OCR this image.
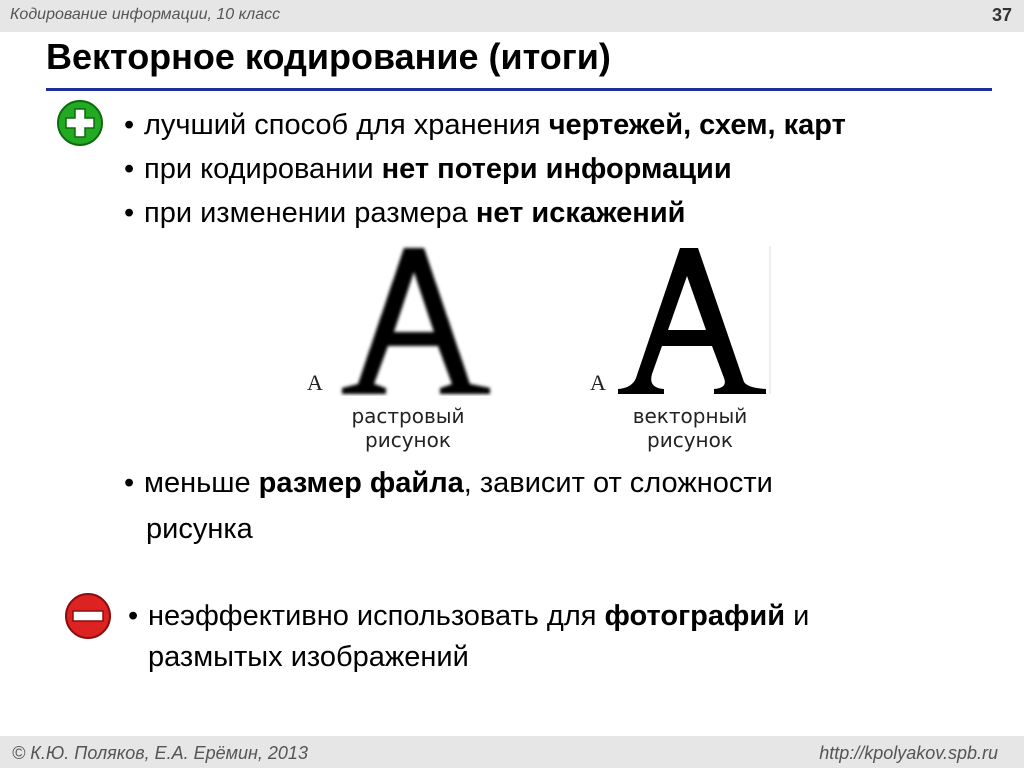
Кодирование информации, 10 класс	37
Векторное кодирование (итоги)
• лучший способ для хранения чертежей, схем, карт
• при кодировании нет потери информации
• при изменении размера нет искажений
A
растровый
рисунок
A
векторный
рисунок
• меньше размер файла, зависит от сложности
рисунка
• неэффективно использовать для фотографий и
размытых изображений
© К.Ю. Поляков, Е.А. Ерёмин, 2013	http://kpolyakov.spb.ru
